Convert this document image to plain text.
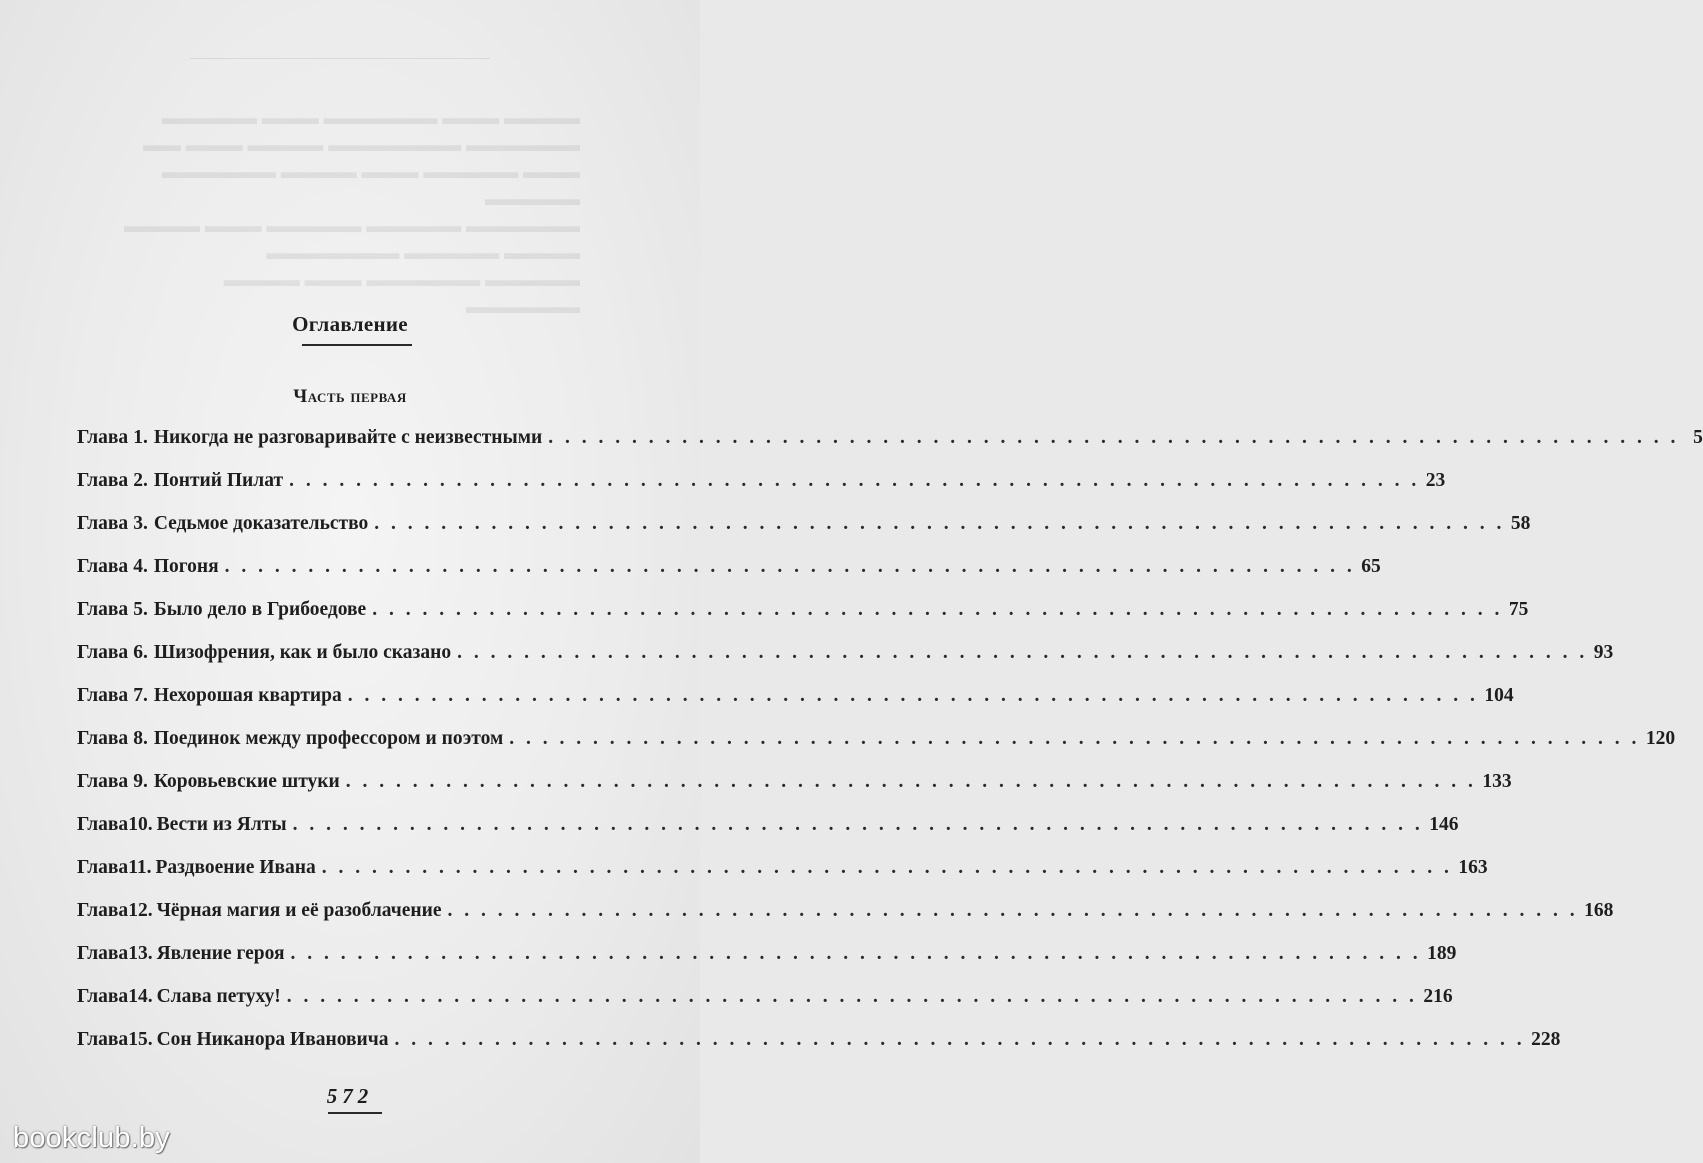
▬▬▬▬ ▬▬▬ ▬▬▬▬▬▬ ▬▬▬ ▬▬▬▬▬
▬▬▬▬▬▬ ▬▬▬▬▬▬▬ ▬▬▬▬ ▬▬▬ ▬▬
▬▬▬ ▬▬▬▬▬ ▬▬▬ ▬▬▬▬ ▬▬▬▬▬▬
▬▬▬▬▬
▬▬▬▬▬▬ ▬▬▬▬▬ ▬▬▬▬▬ ▬▬▬ ▬▬▬▬
▬▬▬▬ ▬▬▬▬▬ ▬▬▬▬▬▬▬
▬▬▬▬▬ ▬▬▬▬▬▬ ▬▬▬ ▬▬▬▬ ▬▬▬▬▬▬
Оглавление
Часть первая
Глава 1. Никогда не разговаривайте с неизвестными . . .	5
Глава 2. Понтий Пилат . . .	23
Глава 3. Седьмое доказательство . . .	58
Глава 4. Погоня . . .	65
Глава 5. Было дело в Грибоедове . . .	75
Глава 6. Шизофрения, как и было сказано . . .	93
Глава 7. Нехорошая квартира . . .	104
Глава 8. Поединок между профессором и поэтом . . .	120
Глава 9. Коровьевские штуки . . .	133
Глава 10. Вести из Ялты . . .	146
Глава 11. Раздвоение Ивана . . .	163
Глава 12. Чёрная магия и её разоблачение . . .	168
Глава 13. Явление героя . . .	189
Глава 14. Слава петуху! . . .	216
Глава 15. Сон Никанора Ивановича . . .	228
572
bookclub.by
